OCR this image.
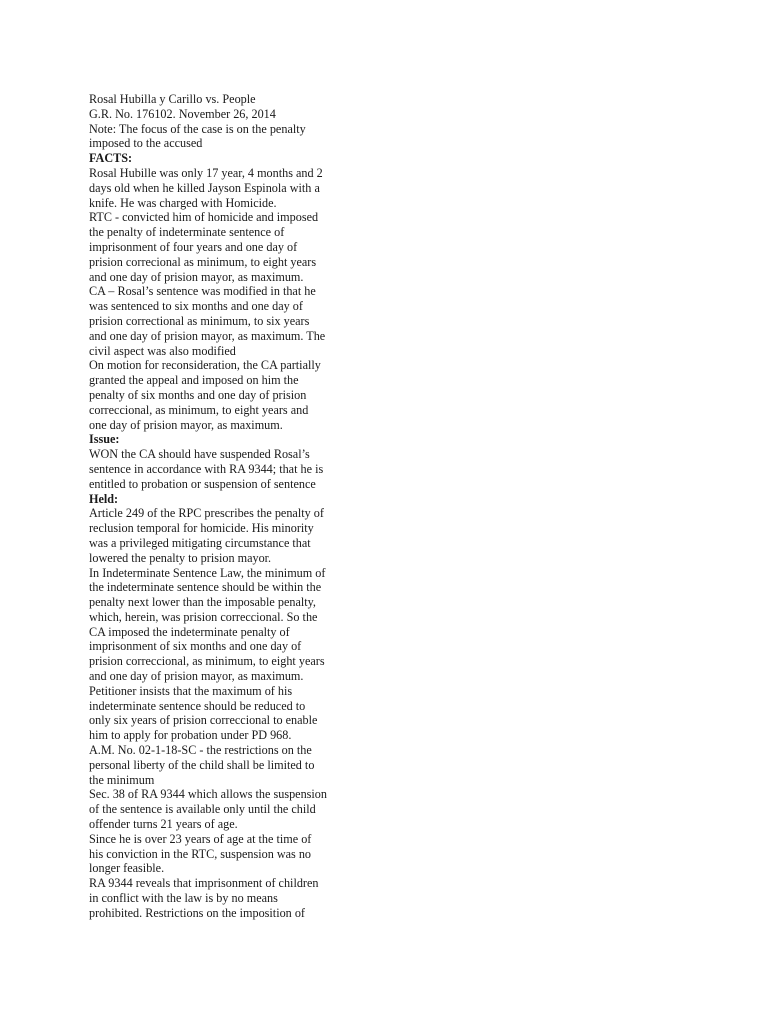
Rosal Hubilla y Carillo vs. People
G.R. No. 176102. November 26, 2014
Note: The focus of the case is on the penalty
imposed to the accused
FACTS:
Rosal Hubille was only 17 year, 4 months and 2
days old when he killed Jayson Espinola with a
knife. He was charged with Homicide.
RTC - convicted him of homicide and imposed
the penalty of indeterminate sentence of
imprisonment of four years and one day of
prision correcional as minimum, to eight years
and one day of prision mayor, as maximum.
CA – Rosal’s sentence was modified in that he
was sentenced to six months and one day of
prision correctional as minimum, to six years
and one day of prision mayor, as maximum. The
civil aspect was also modified
On motion for reconsideration, the CA partially
granted the appeal and imposed on him the
penalty of six months and one day of prision
correccional, as minimum, to eight years and
one day of prision mayor, as maximum.
Issue:
WON the CA should have suspended Rosal’s
sentence in accordance with RA 9344; that he is
entitled to probation or suspension of sentence
Held:
Article 249 of the RPC prescribes the penalty of
reclusion temporal for homicide. His minority
was a privileged mitigating circumstance that
lowered the penalty to prision mayor.
In Indeterminate Sentence Law, the minimum of
the indeterminate sentence should be within the
penalty next lower than the imposable penalty,
which, herein, was prision correccional. So the
CA imposed the indeterminate penalty of
imprisonment of six months and one day of
prision correccional, as minimum, to eight years
and one day of prision mayor, as maximum.
Petitioner insists that the maximum of his
indeterminate sentence should be reduced to
only six years of prision correccional to enable
him to apply for probation under PD 968.
A.M. No. 02-1-18-SC - the restrictions on the
personal liberty of the child shall be limited to
the minimum
Sec. 38 of RA 9344 which allows the suspension
of the sentence is available only until the child
offender turns 21 years of age.
Since he is over 23 years of age at the time of
his conviction in the RTC, suspension was no
longer feasible.
RA 9344 reveals that imprisonment of children
in conflict with the law is by no means
prohibited. Restrictions on the imposition of
